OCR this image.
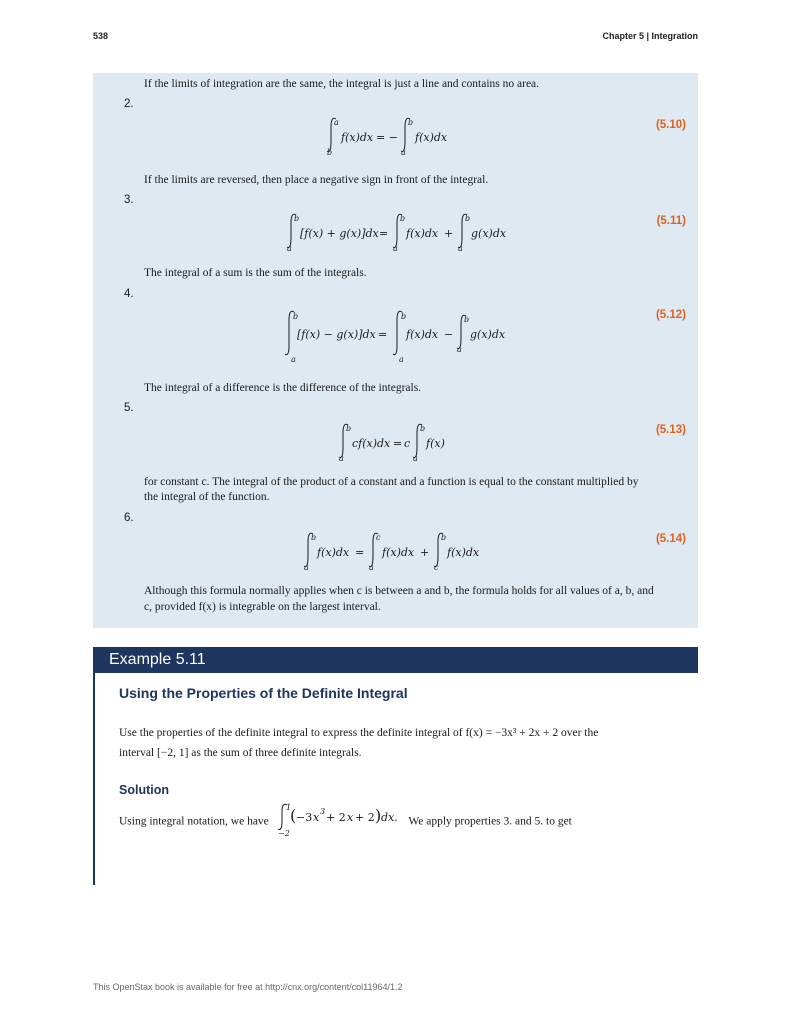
538	Chapter 5 | Integration
If the limits of integration are the same, the integral is just a line and contains no area.
2.
(5.10)
a
b
f(x)dx = −
b
a
f(x)dx
If the limits are reversed, then place a negative sign in front of the integral.
3.
(5.11)
b
a
[f(x) + g(x)]dx =
b
a
f(x)dx +
b
a
g(x)dx
The integral of a sum is the sum of the integrals.
4.
(5.12)
b
a
[f(x) − g(x)]dx =
b
a
f(x)dx −
b
a
g(x)dx
The integral of a difference is the difference of the integrals.
5.
(5.13)
b
a
cf(x)dx = c
b
a
f(x)
for constant c. The integral of the product of a constant and a function is equal to the constant multiplied by
the integral of the function.
6.
(5.14)
b
a
f(x)dx =
c
a
f(x)dx +
b
c
f(x)dx
Although this formula normally applies when c is between a and b, the formula holds for all values of a, b, and
c, provided f(x) is integrable on the largest interval.
Example 5.11
Using the Properties of the Definite Integral
Use the properties of the definite integral to express the definite integral of f(x) = −3x³ + 2x + 2 over the
interval [−2, 1] as the sum of three definite integrals.
Solution
Using integral notation, we have
1
−2
( −3 x 3 + 2 x + 2 ) dx. We apply properties 3. and 5. to get
This OpenStax book is available for free at http://cnx.org/content/col11964/1.2
